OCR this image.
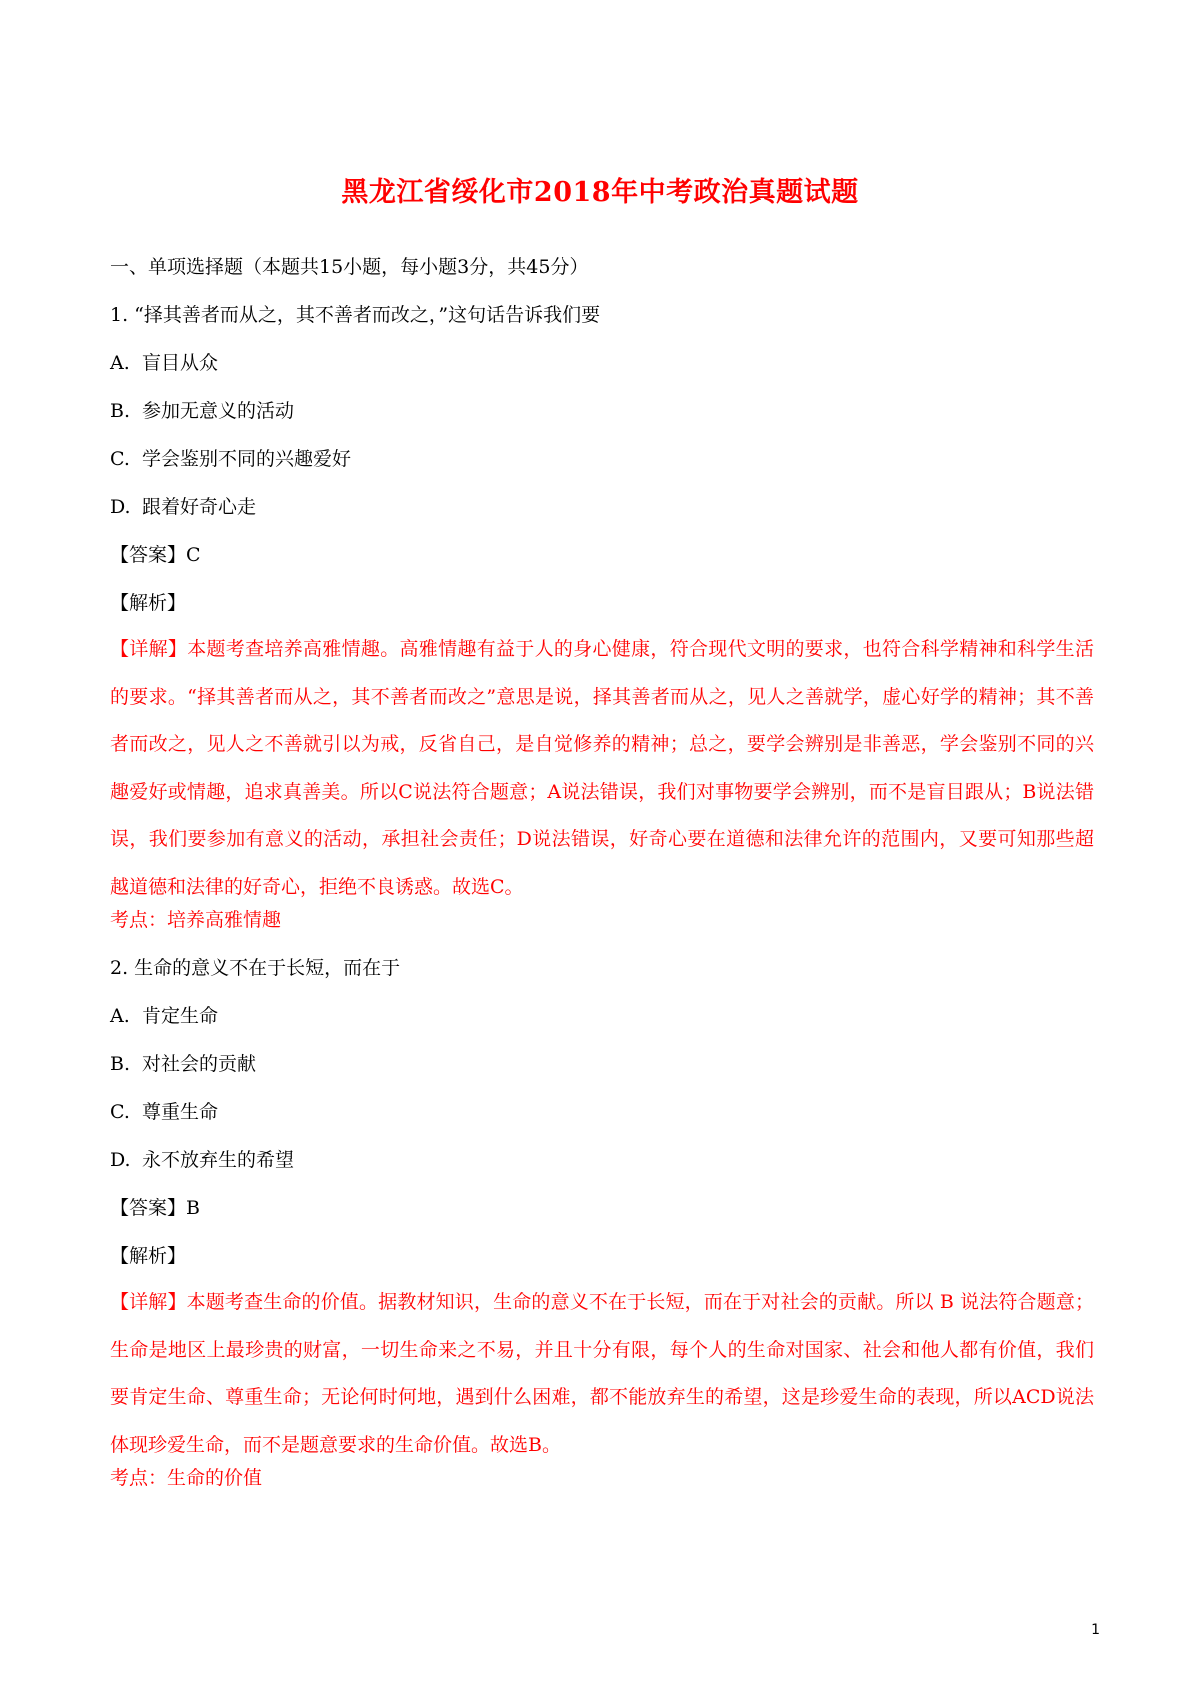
黑龙江省绥化市2018年中考政治真题试题
一、单项选择题（本题共15小题，每小题3分，共45分）
1. “择其善者而从之，其不善者而改之，”这句话告诉我们要
A. 盲目从众
B. 参加无意义的活动
C. 学会鉴别不同的兴趣爱好
D. 跟着好奇心走
【答案】C
【解析】
【详解】本题考查培养高雅情趣。高雅情趣有益于人的身心健康，符合现代文明的要求，也符合科学精神和科学生活的要求。“择其善者而从之，其不善者而改之”意思是说，择其善者而从之，见人之善就学，虚心好学的精神；其不善者而改之，见人之不善就引以为戒，反省自己，是自觉修养的精神；总之，要学会辨别是非善恶，学会鉴别不同的兴趣爱好或情趣，追求真善美。所以C说法符合题意；A说法错误，我们对事物要学会辨别，而不是盲目跟从；B说法错误，我们要参加有意义的活动，承担社会责任；D说法错误，好奇心要在道德和法律允许的范围内，又要可知那些超越道德和法律的好奇心，拒绝不良诱惑。故选C。
考点：培养高雅情趣
2. 生命的意义不在于长短，而在于
A. 肯定生命
B. 对社会的贡献
C. 尊重生命
D. 永不放弃生的希望
【答案】B
【解析】
【详解】本题考查生命的价值。据教材知识，生命的意义不在于长短，而在于对社会的贡献。所以 B 说法符合题意；生命是地区上最珍贵的财富，一切生命来之不易，并且十分有限，每个人的生命对国家、社会和他人都有价值，我们要肯定生命、尊重生命；无论何时何地，遇到什么困难，都不能放弃生的希望，这是珍爱生命的表现，所以ACD说法体现珍爱生命，而不是题意要求的生命价值。故选B。
考点：生命的价值
1
